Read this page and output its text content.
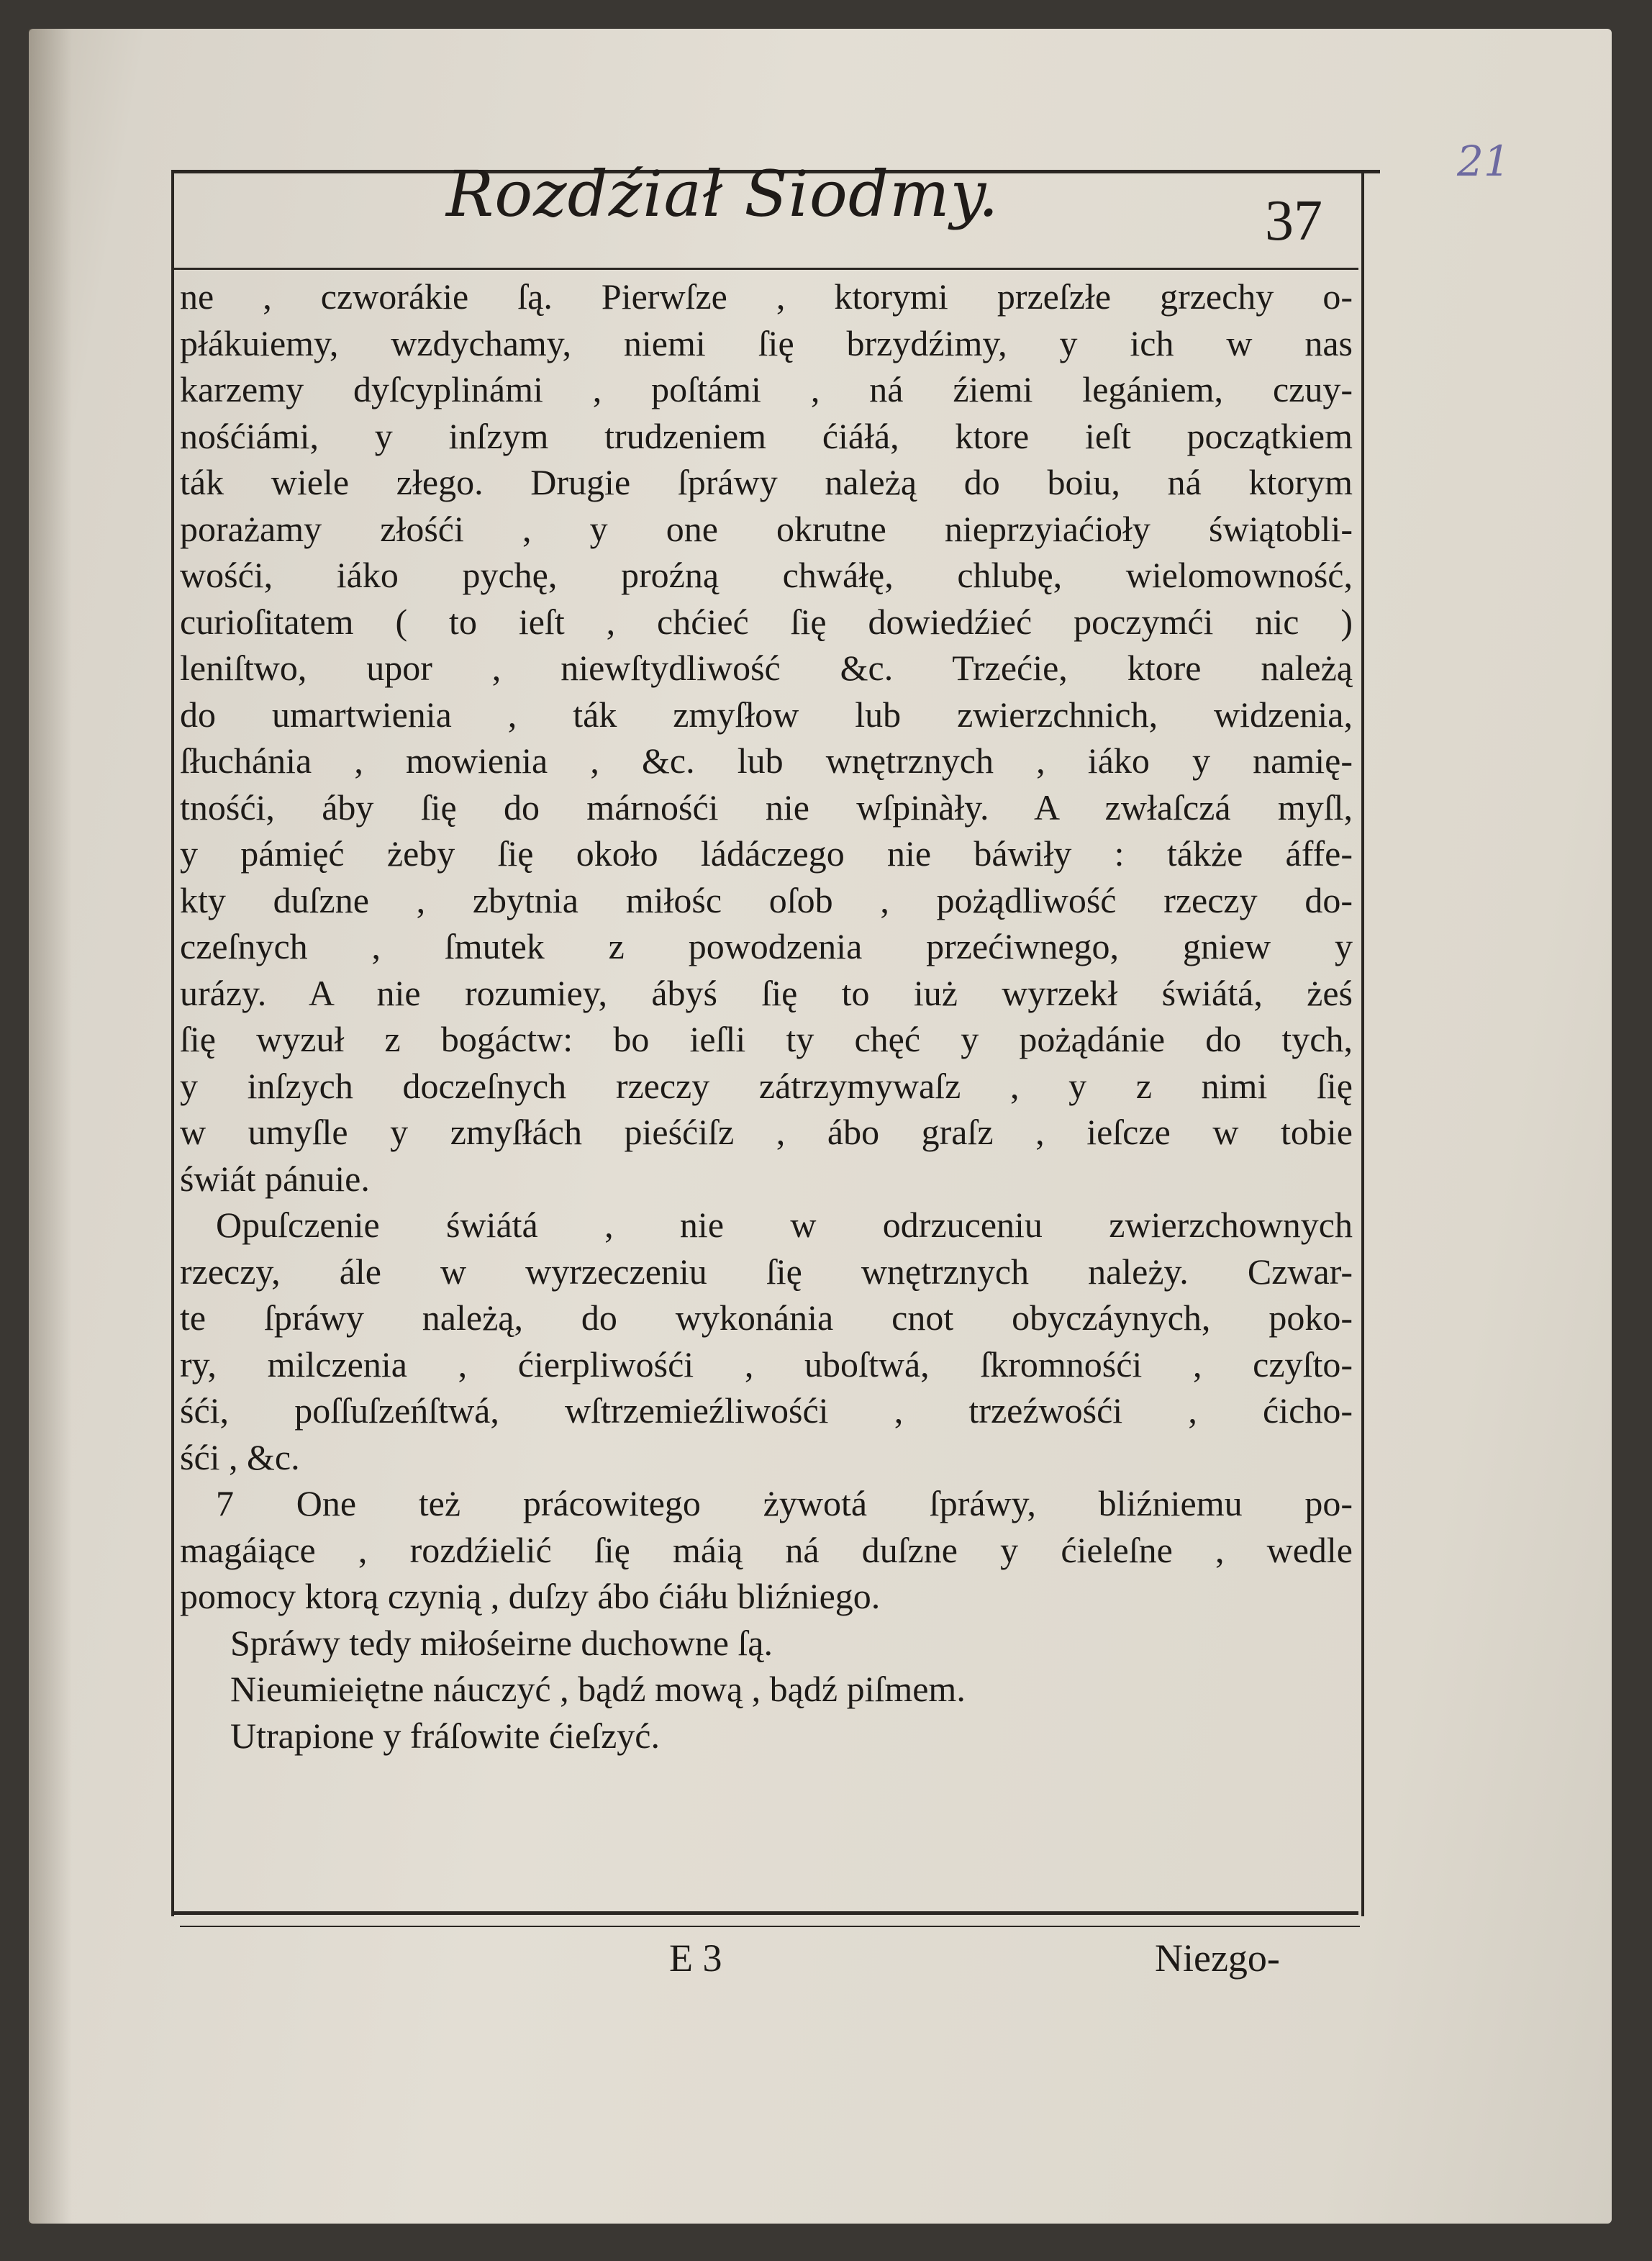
21
Rozdźiał Siodmy.	37
ne , czworákie ſą. Pierwſze , ktorymi przeſzłe grzechy o-
płákuiemy, wzdychamy, niemi ſię brzydźimy, y ich w nas
karzemy dyſcyplinámi , poſtámi , ná źiemi legániem, czuy-
nośćiámi, y inſzym trudzeniem ćiáłá, ktore ieſt początkiem
ták wiele złego. Drugie ſpráwy należą do boiu, ná ktorym
porażamy złośći , y one okrutne nieprzyiaćioły świątobli-
wośći, iáko pychę, proźną chwáłę, chlubę, wielomowność,
curioſitatem ( to ieſt , chćieć ſię dowiedźieć poczymći nic )
leniſtwo, upor , niewſtydliwość &c. Trzećie, ktore należą
do umartwienia , ták zmyſłow lub zwierzchnich, widzenia,
ſłuchánia , mowienia , &c. lub wnętrznych , iáko y namię-
tnośći, áby ſię do márnośći nie wſpinàły. A zwłaſczá myſl,
y pámięć żeby ſię około ládáczego nie báwiły : tákże áffe-
kty duſzne , zbytnia miłośc oſob , pożądliwość rzeczy do-
czeſnych , ſmutek z powodzenia przećiwnego, gniew y
urázy. A nie rozumiey, ábyś ſię to iuż wyrzekł świátá, żeś
ſię wyzuł z bogáctw: bo ieſli ty chęć y pożądánie do tych,
y inſzych doczeſnych rzeczy zátrzymywaſz , y z nimi ſię
w umyſle y zmyſłách pieśćiſz , ábo graſz , ieſcze w tobie
świát pánuie.
Opuſczenie świátá , nie w odrzuceniu zwierzchownych
rzeczy, ále w wyrzeczeniu ſię wnętrznych należy. Czwar-
te ſpráwy należą, do wykonánia cnot obyczáynych, poko-
ry, milczenia , ćierpliwośći , uboſtwá, ſkromnośći , czyſto-
śći, poſſuſzeńſtwá, wſtrzemieźliwośći , trzeźwośći , ćicho-
śći , &c.
7 One też prácowitego żywotá ſpráwy, bliźniemu po-
magáiące , rozdźielić ſię máią ná duſzne y ćieleſne , wedle
pomocy ktorą czynią , duſzy ábo ćiáłu bliźniego.
Spráwy tedy miłośeirne duchowne ſą.
Nieumieiętne náuczyć , bądź mową , bądź piſmem.
Utrapione y fráſowite ćieſzyć.
E 3	Niezgo-
